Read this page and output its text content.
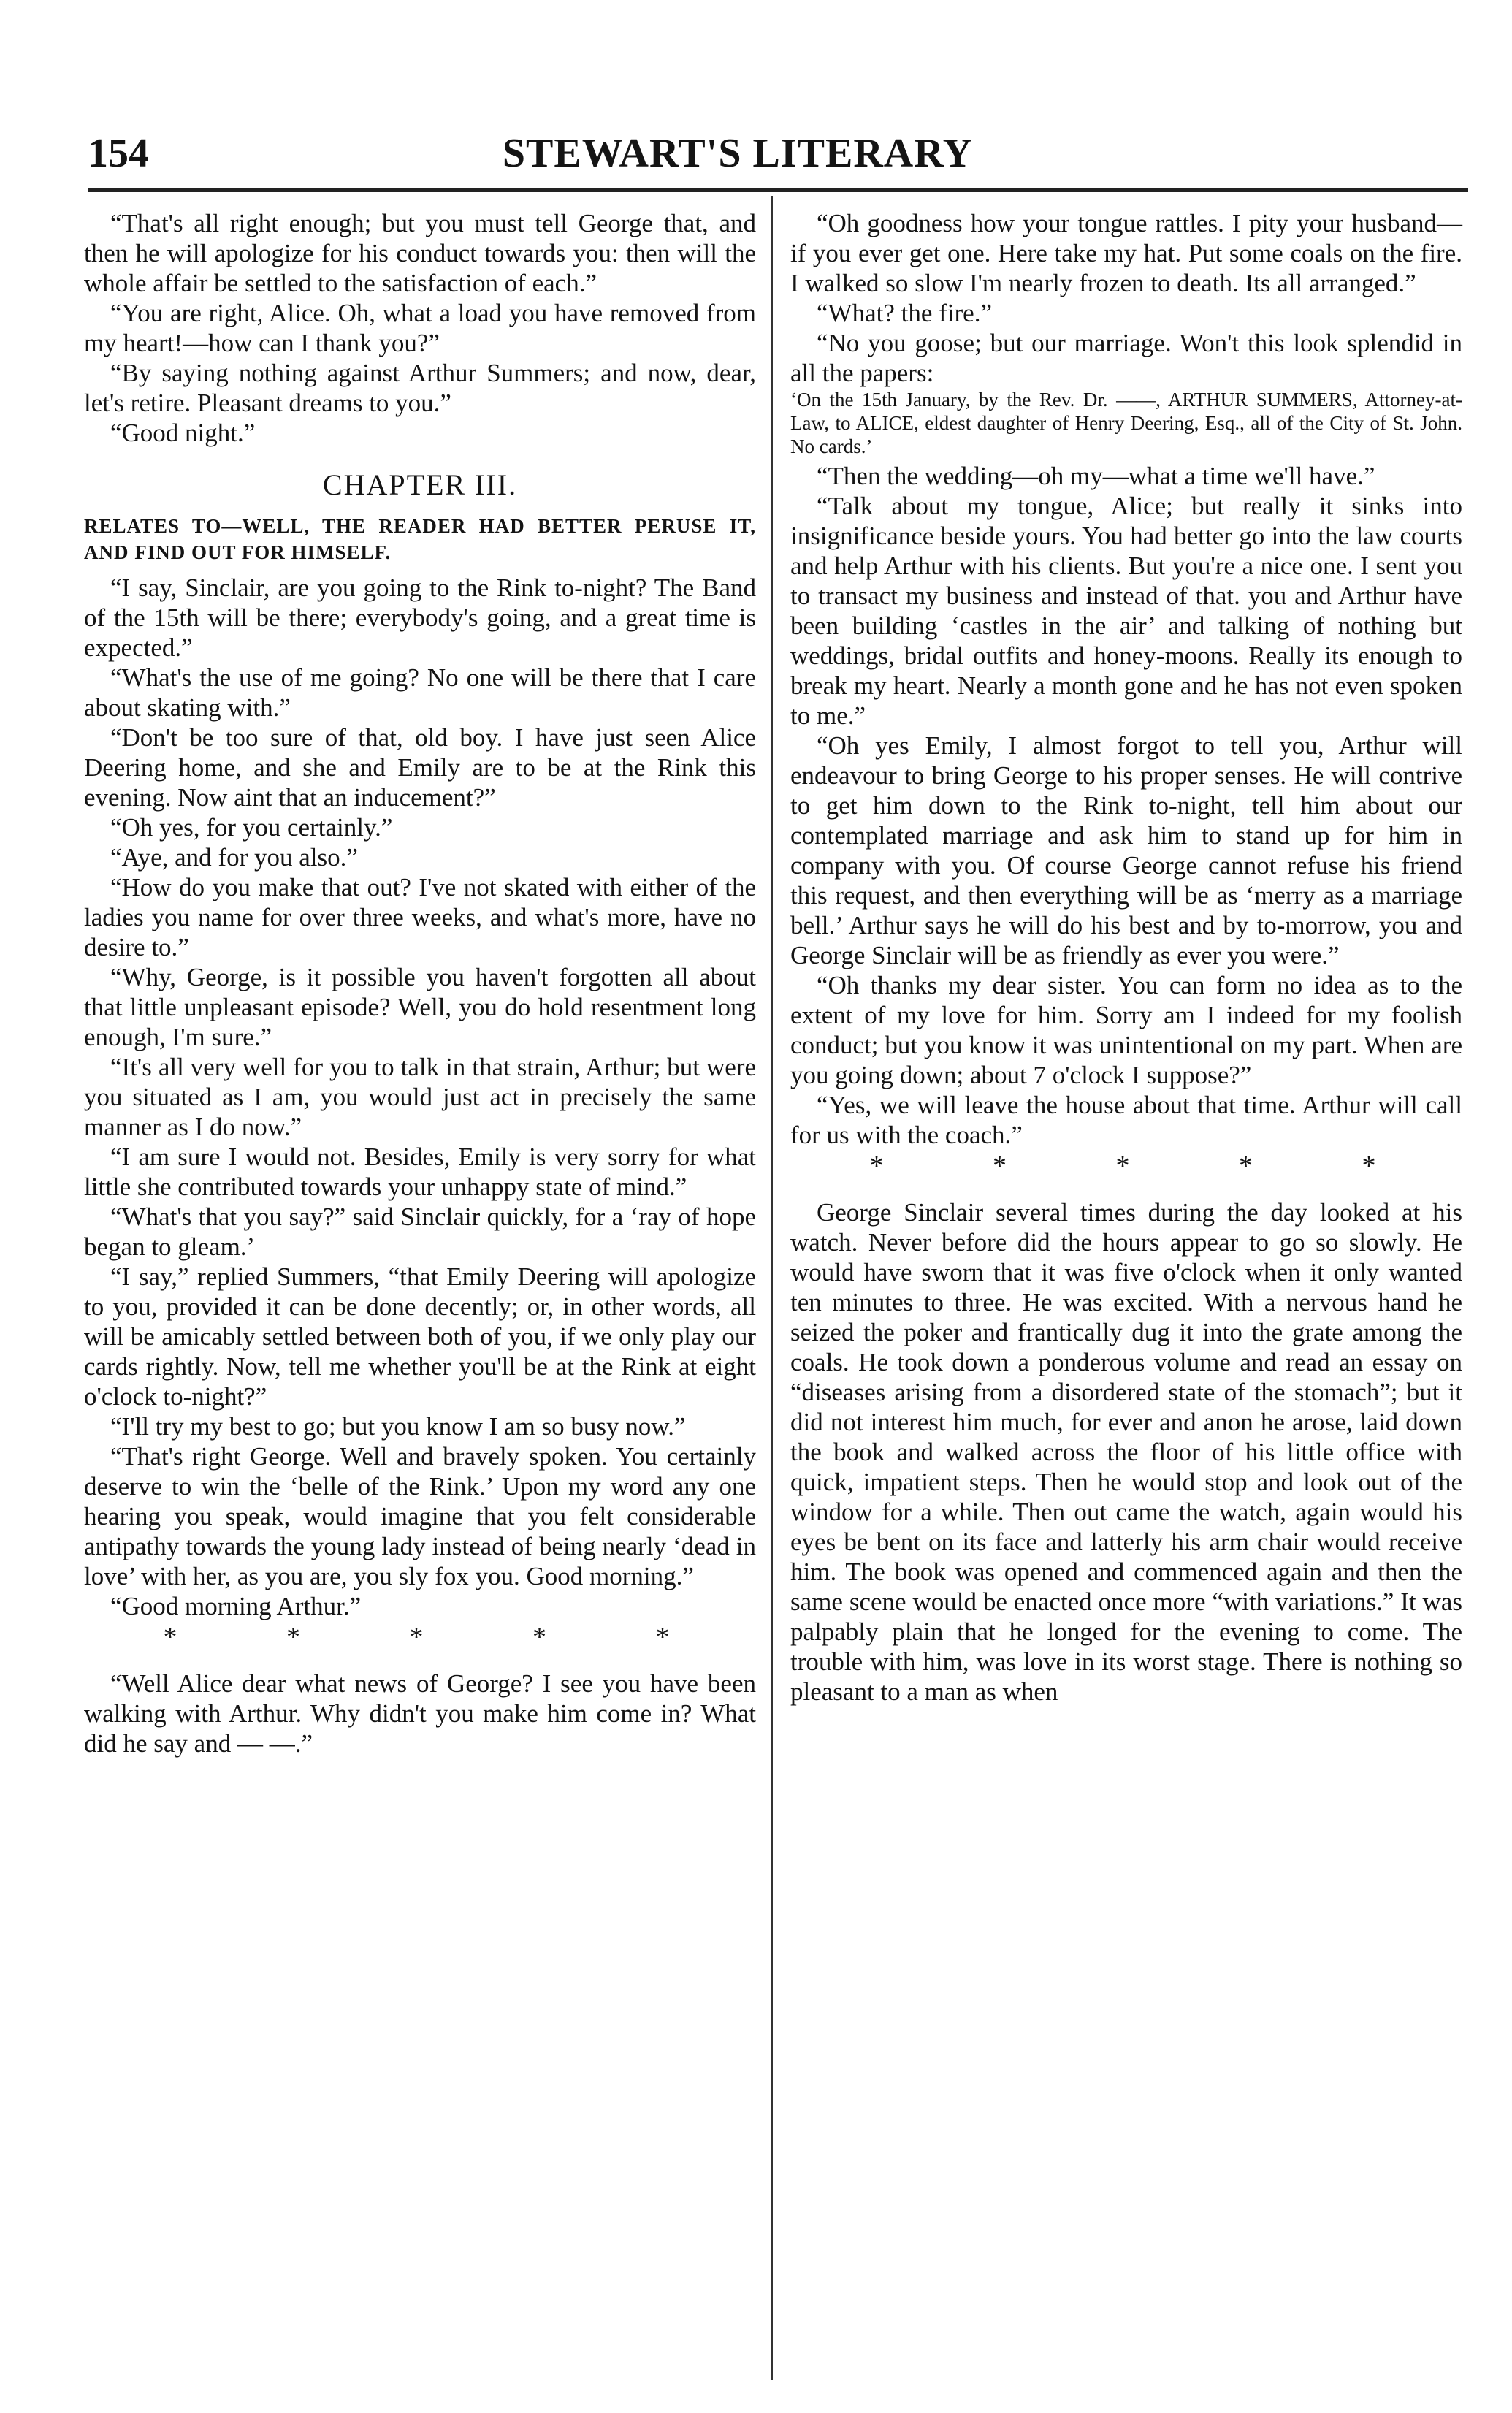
154	STEWART'S LITERARY

“That's all right enough; but you must tell George that, and then he will apologize for his conduct towards you: then will the whole affair be settled to the satisfaction of each.”

“You are right, Alice. Oh, what a load you have removed from my heart!—how can I thank you?”

“By saying nothing against Arthur Summers; and now, dear, let's retire. Pleasant dreams to you.”

“Good night.”

CHAPTER III.
RELATES TO—WELL, THE READER HAD BETTER PERUSE IT, AND FIND OUT FOR HIMSELF.

“I say, Sinclair, are you going to the Rink to-night? The Band of the 15th will be there; everybody's going, and a great time is expected.”

“What's the use of me going? No one will be there that I care about skating with.”

“Don't be too sure of that, old boy. I have just seen Alice Deering home, and she and Emily are to be at the Rink this evening. Now aint that an inducement?”

“Oh yes, for you certainly.”

“Aye, and for you also.”

“How do you make that out? I've not skated with either of the ladies you name for over three weeks, and what's more, have no desire to.”

“Why, George, is it possible you haven't forgotten all about that little unpleasant episode? Well, you do hold resentment long enough, I'm sure.”

“It's all very well for you to talk in that strain, Arthur; but were you situated as I am, you would just act in precisely the same manner as I do now.”

“I am sure I would not. Besides, Emily is very sorry for what little she contributed towards your unhappy state of mind.”

“What's that you say?” said Sinclair quickly, for a ‘ray of hope began to gleam.’

“I say,” replied Summers, “that Emily Deering will apologize to you, provided it can be done decently; or, in other words, all will be amicably settled between both of you, if we only play our cards rightly. Now, tell me whether you'll be at the Rink at eight o'clock to-night?”

“I'll try my best to go; but you know I am so busy now.”

“That's right George. Well and bravely spoken. You certainly deserve to win the ‘belle of the Rink.’ Upon my word any one hearing you speak, would imagine that you felt considerable antipathy towards the young lady instead of being nearly ‘dead in love’ with her, as you are, you sly fox you. Good morning.”

“Good morning Arthur.”

* * * * *

“Well Alice dear what news of George? I see you have been walking with Arthur. Why didn't you make him come in? What did he say and — —.”

“Oh goodness how your tongue rattles. I pity your husband—if you ever get one. Here take my hat. Put some coals on the fire. I walked so slow I'm nearly frozen to death. Its all arranged.”

“What? the fire.”

“No you goose; but our marriage. Won't this look splendid in all the papers:

‘On the 15th January, by the Rev. Dr. ——, ARTHUR SUMMERS, Attorney-at-Law, to ALICE, eldest daughter of Henry Deering, Esq., all of the City of St. John. No cards.’

“Then the wedding—oh my—what a time we'll have.”

“Talk about my tongue, Alice; but really it sinks into insignificance beside yours. You had better go into the law courts and help Arthur with his clients. But you're a nice one. I sent you to transact my business and instead of that. you and Arthur have been building ‘castles in the air’ and talking of nothing but weddings, bridal outfits and honey-moons. Really its enough to break my heart. Nearly a month gone and he has not even spoken to me.”

“Oh yes Emily, I almost forgot to tell you, Arthur will endeavour to bring George to his proper senses. He will contrive to get him down to the Rink to-night, tell him about our contemplated marriage and ask him to stand up for him in company with you. Of course George cannot refuse his friend this request, and then everything will be as ‘merry as a marriage bell.’ Arthur says he will do his best and by to-morrow, you and George Sinclair will be as friendly as ever you were.”

“Oh thanks my dear sister. You can form no idea as to the extent of my love for him. Sorry am I indeed for my foolish conduct; but you know it was unintentional on my part. When are you going down; about 7 o'clock I suppose?”

“Yes, we will leave the house about that time. Arthur will call for us with the coach.”

* * * * *

George Sinclair several times during the day looked at his watch. Never before did the hours appear to go so slowly. He would have sworn that it was five o'clock when it only wanted ten minutes to three. He was excited. With a nervous hand he seized the poker and frantically dug it into the grate among the coals. He took down a ponderous volume and read an essay on “diseases arising from a disordered state of the stomach”; but it did not interest him much, for ever and anon he arose, laid down the book and walked across the floor of his little office with quick, impatient steps. Then he would stop and look out of the window for a while. Then out came the watch, again would his eyes be bent on its face and latterly his arm chair would receive him. The book was opened and commenced again and then the same scene would be enacted once more “with variations.” It was palpably plain that he longed for the evening to come. The trouble with him, was love in its worst stage. There is nothing so pleasant to a man as when
